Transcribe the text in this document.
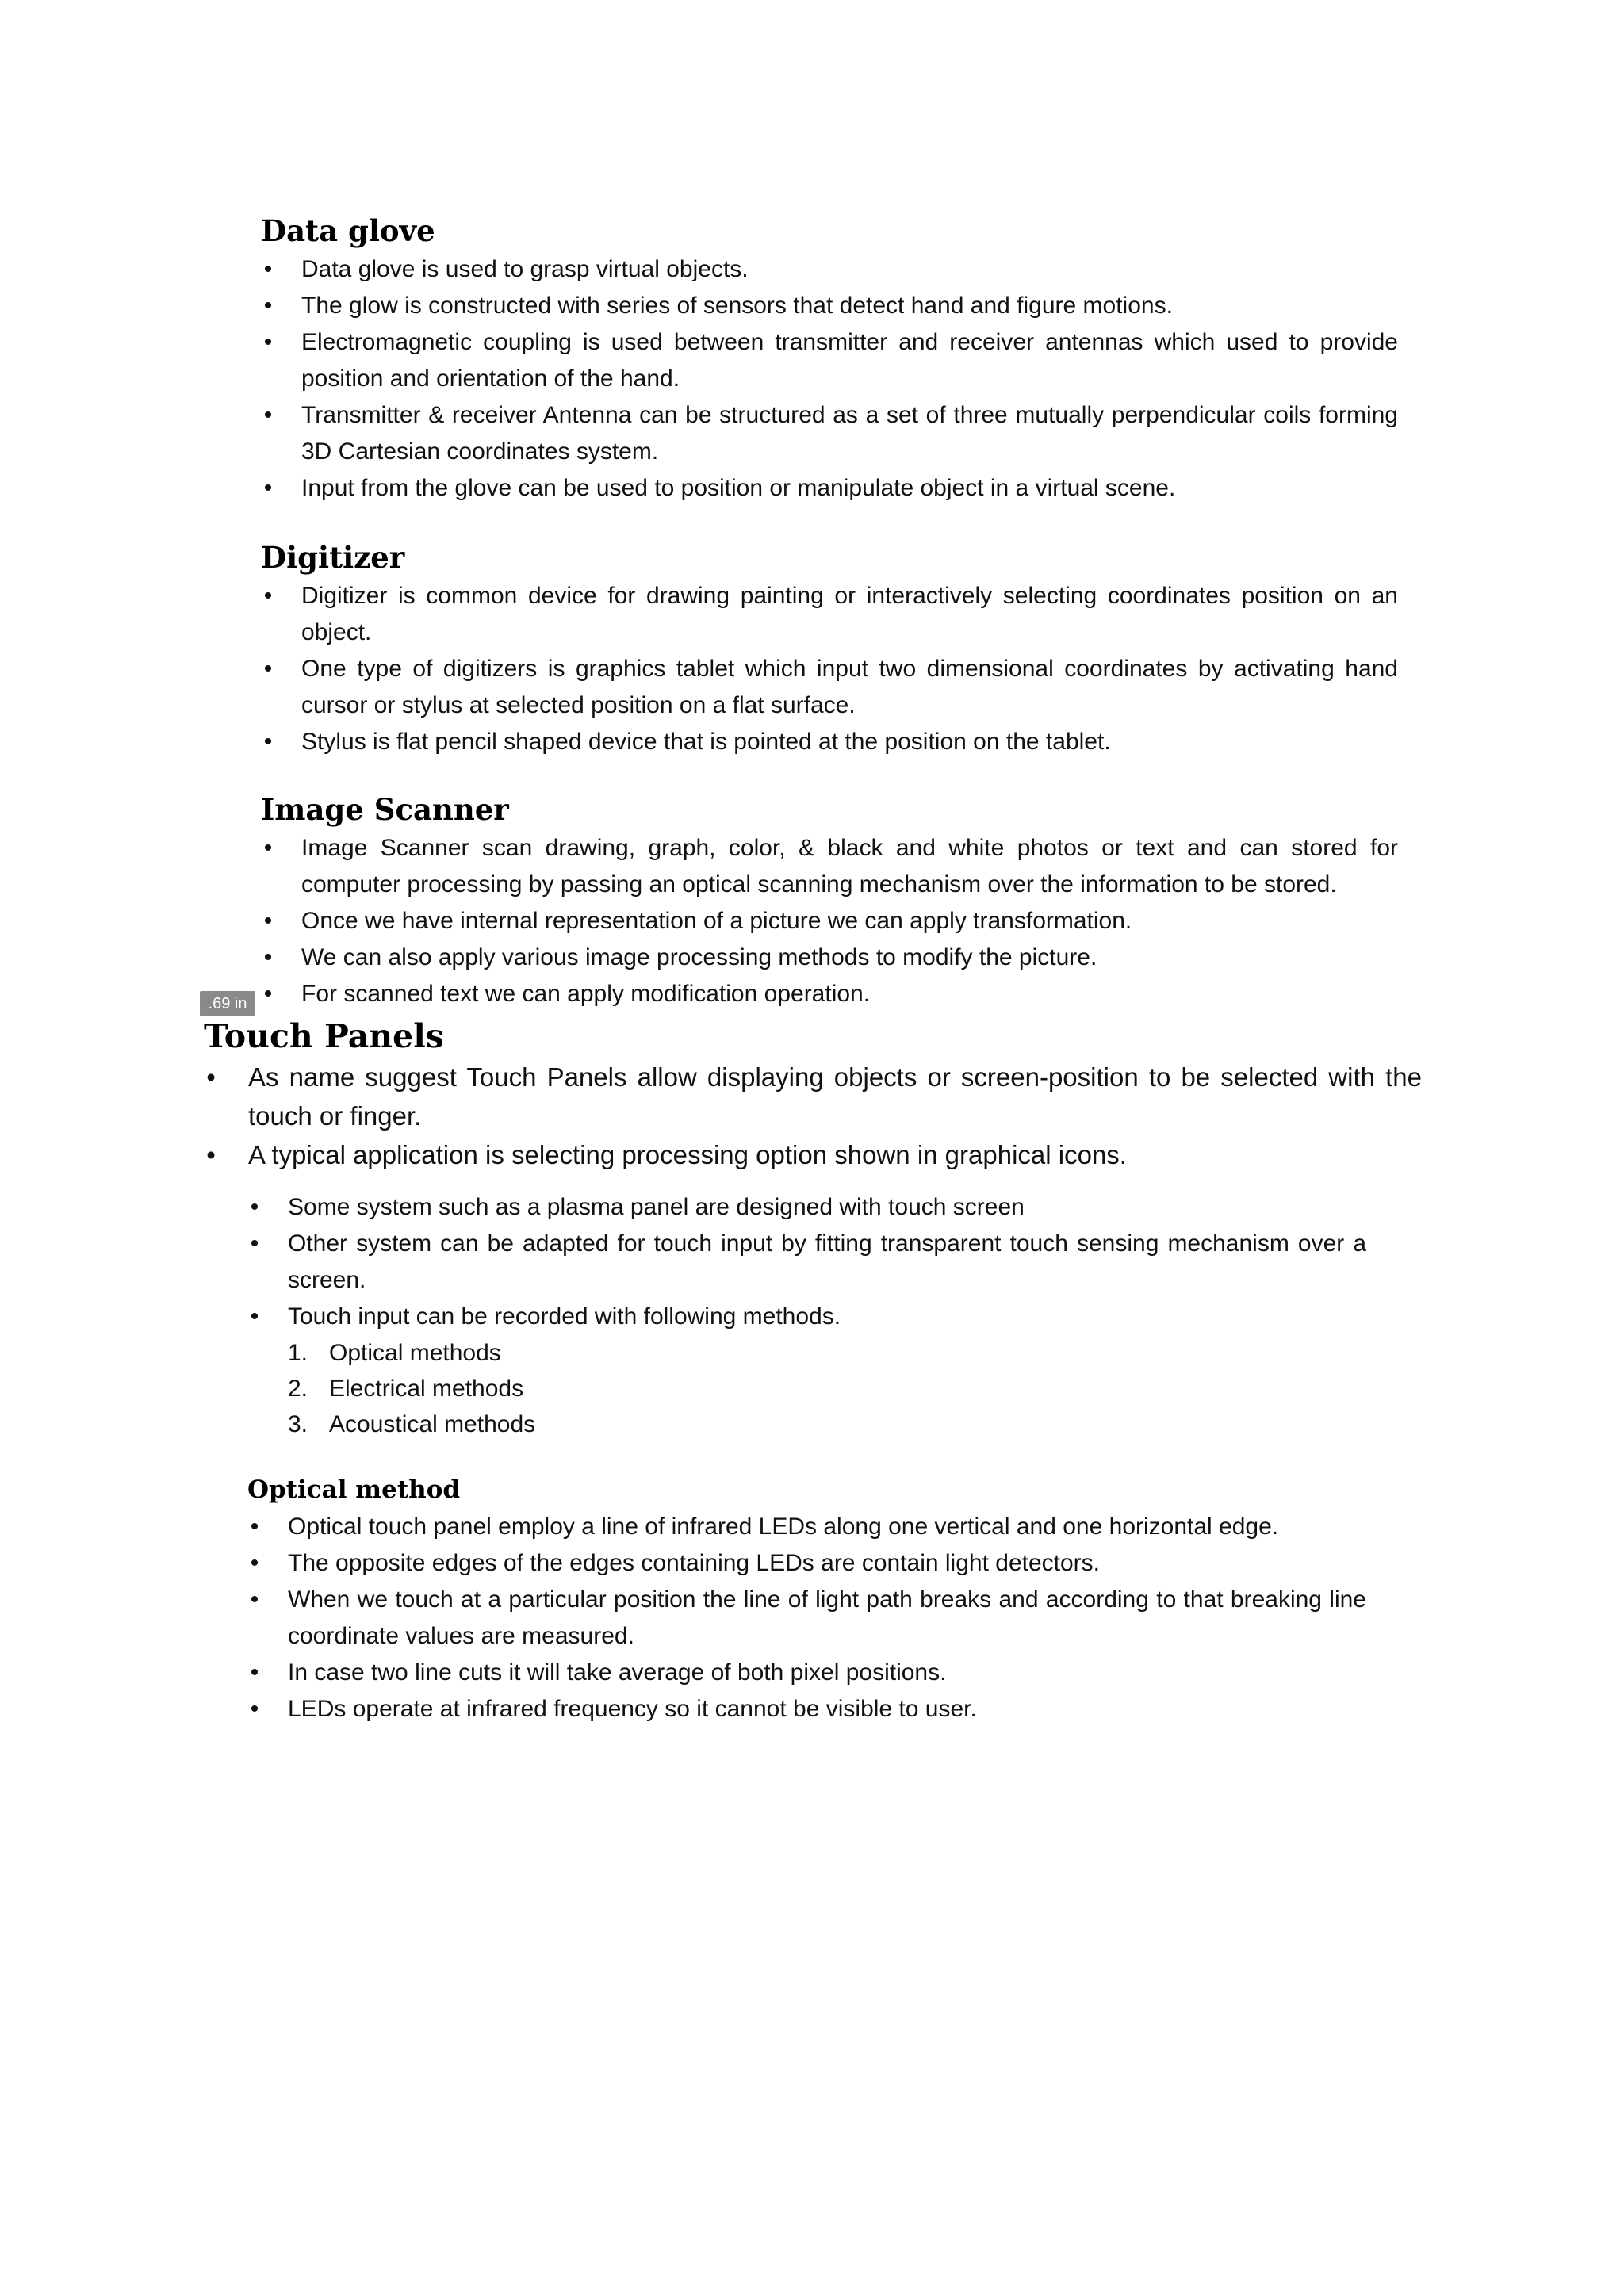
Data glove
• Data glove is used to grasp virtual objects.
• The glow is constructed with series of sensors that detect hand and figure motions.
• Electromagnetic coupling is used between transmitter and receiver antennas which used to provide position and orientation of the hand.
• Transmitter & receiver Antenna can be structured as a set of three mutually perpendicular coils forming 3D Cartesian coordinates system.
• Input from the glove can be used to position or manipulate object in a virtual scene.
Digitizer
• Digitizer is common device for drawing painting or interactively selecting coordinates position on an object.
• One type of digitizers is graphics tablet which input two dimensional coordinates by activating hand cursor or stylus at selected position on a flat surface.
• Stylus is flat pencil shaped device that is pointed at the position on the tablet.
Image Scanner
• Image Scanner scan drawing, graph, color, & black and white photos or text and can stored for computer processing by passing an optical scanning mechanism over the information to be stored.
• Once we have internal representation of a picture we can apply transformation.
• We can also apply various image processing methods to modify the picture.
• For scanned text we can apply modification operation.
.69 in
Touch Panels
• As name suggest Touch Panels allow displaying objects or screen-position to be selected with the touch or finger.
• A typical application is selecting processing option shown in graphical icons.
• Some system such as a plasma panel are designed with touch screen
• Other system can be adapted for touch input by fitting transparent touch sensing mechanism over a screen.
• Touch input can be recorded with following methods.
1. Optical methods
2. Electrical methods
3. Acoustical methods
Optical method
• Optical touch panel employ a line of infrared LEDs along one vertical and one horizontal edge.
• The opposite edges of the edges containing LEDs are contain light detectors.
• When we touch at a particular position the line of light path breaks and according to that breaking line coordinate values are measured.
• In case two line cuts it will take average of both pixel positions.
• LEDs operate at infrared frequency so it cannot be visible to user.
